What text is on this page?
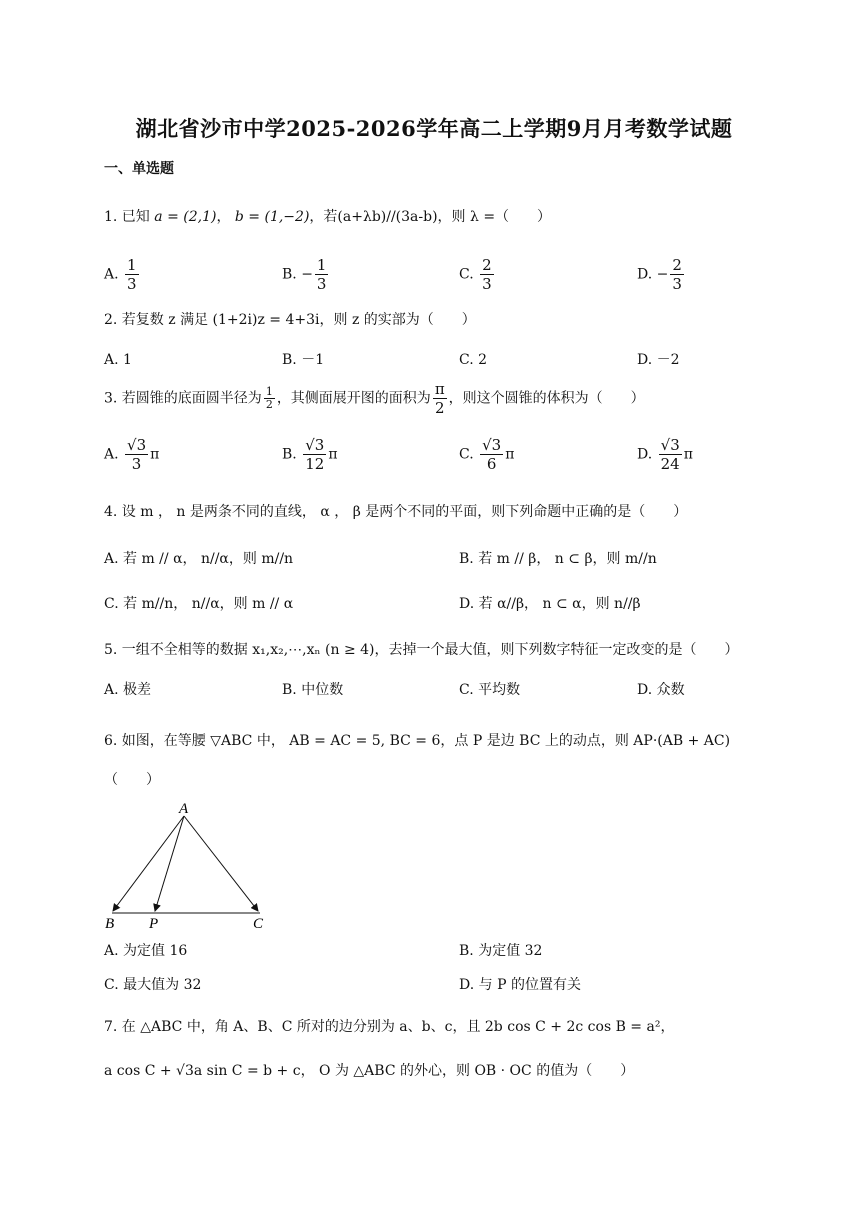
湖北省沙市中学2025-2026学年高二上学期9月月考数学试题
一、单选题
1. 已知 a = (2,1)， b = (1,−2)，若(a+λb)//(3a-b)，则 λ =（　　）
A. $\frac{1}{3}$	B. − $\frac{1}{3}$	C. $\frac{2}{3}$	D. − $\frac{2}{3}$
2. 若复数 z 满足 (1+2i)z = 4+3i，则 z 的实部为（　　）
A. 1	B. －1	C. 2	D. －2
3. 若圆锥的底面圆半径为 $\frac{1}{2}$ ，其侧面展开图的面积为 $\frac{\pi}{2}$ ，则这个圆锥的体积为（　　）
A. $\frac{√3}{3}$ π	B. $\frac{√3}{12}$ π	C. $\frac{√3}{6}$ π	D. $\frac{√3}{24}$ π
4. 设 m ， n 是两条不同的直线， α ， β 是两个不同的平面，则下列命题中正确的是（　　）
A. 若 m // α， n//α，则 m//n	B. 若 m // β， n ⊂ β，则 m//n
C. 若 m//n， n//α，则 m // α	D. 若 α//β， n ⊂ α，则 n//β
5. 一组不全相等的数据 x₁,x₂,⋯,xₙ (n ≥ 4)，去掉一个最大值，则下列数字特征一定改变的是（　　）
A. 极差	B. 中位数	C. 平均数	D. 众数
6. 如图，在等腰 ▽ABC 中， AB = AC = 5, BC = 6，点 P 是边 BC 上的动点，则 AP·(AB + AC)
（　　）
A
B P	C
A. 为定值 16	B. 为定值 32
C. 最大值为 32	D. 与 P 的位置有关
7. 在 △ABC 中，角 A、B、C 所对的边分别为 a、b、c，且 2b cos C + 2c cos B = a²，
a cos C + √3a sin C = b + c， O 为 △ABC 的外心，则 OB · OC 的值为（　　）
